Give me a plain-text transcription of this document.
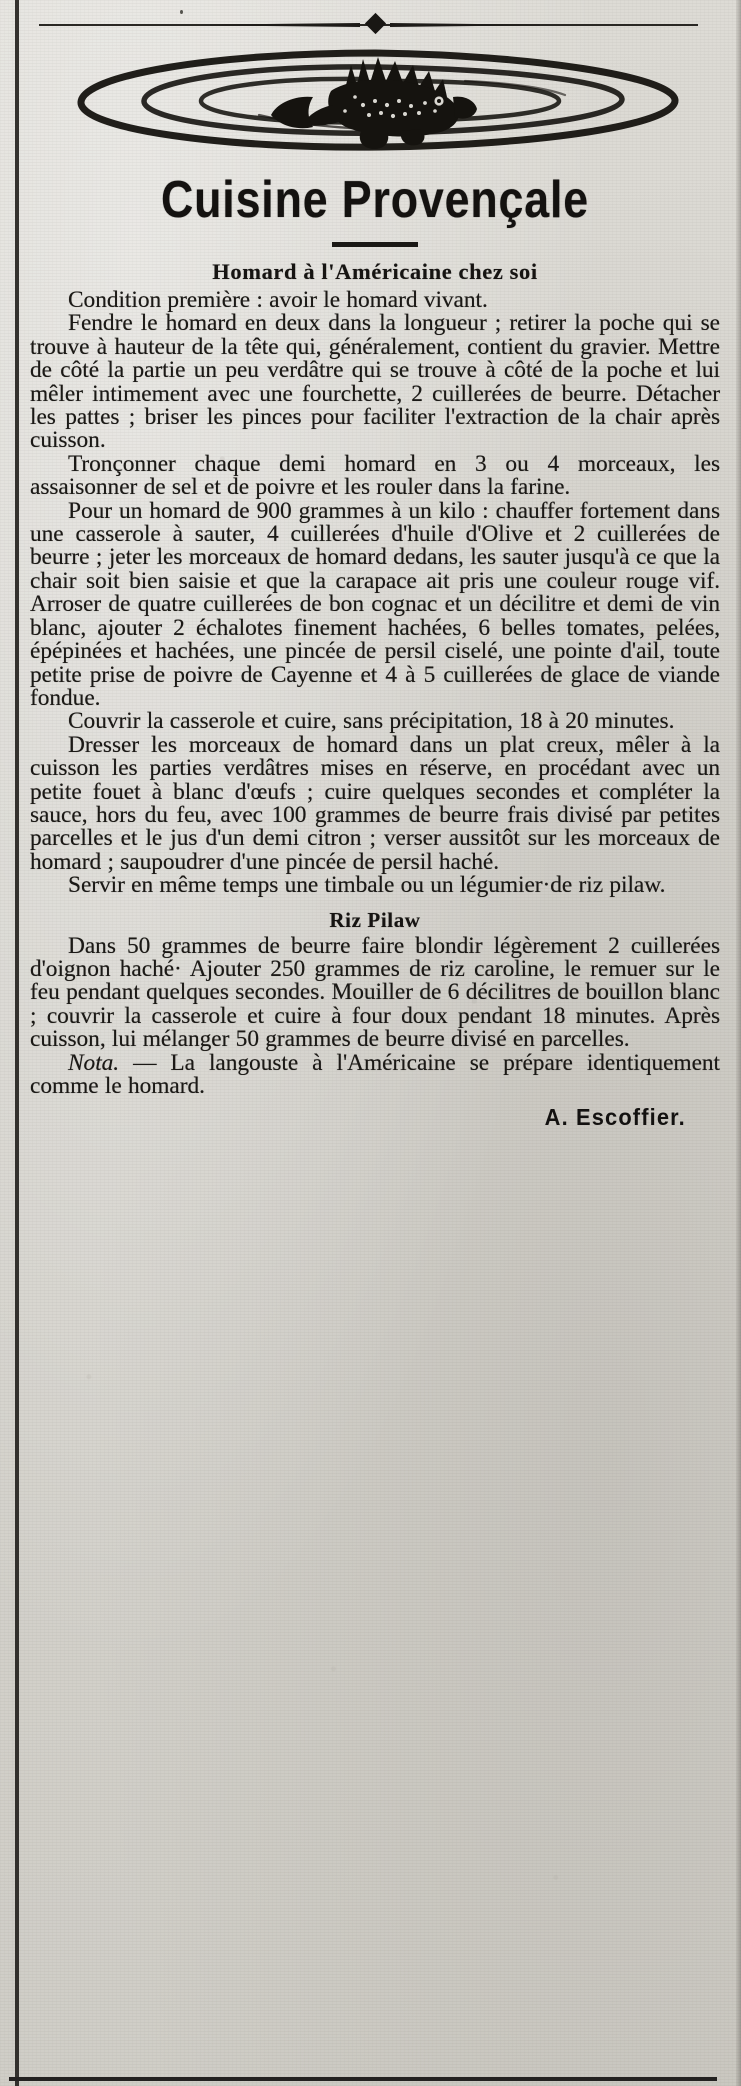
Cuisine Provençale
Homard à l'Américaine chez soi

Condition première : avoir le homard vivant.

Fendre le homard en deux dans la longueur ; retirer la poche qui se trouve à hauteur de la tête qui, généralement, contient du gravier. Mettre de côté la partie un peu verdâtre qui se trouve à côté de la poche et lui mêler intimement avec une fourchette, 2 cuillerées de beurre. Détacher les pattes ; briser les pinces pour faciliter l'extraction de la chair après cuisson.

Tronçonner chaque demi homard en 3 ou 4 morceaux, les assaisonner de sel et de poivre et les rouler dans la farine.

Pour un homard de 900 grammes à un kilo : chauffer fortement dans une casserole à sauter, 4 cuillerées d'huile d'Olive et 2 cuillerées de beurre ; jeter les morceaux de homard dedans, les sauter jusqu'à ce que la chair soit bien saisie et que la carapace ait pris une couleur rouge vif. Arroser de quatre cuillerées de bon cognac et un décilitre et demi de vin blanc, ajouter 2 échalotes finement hachées, 6 belles tomates, pelées, épépinées et hachées, une pincée de persil ciselé, une pointe d'ail, toute petite prise de poivre de Cayenne et 4 à 5 cuillerées de glace de viande fondue.

Couvrir la casserole et cuire, sans précipitation, 18 à 20 minutes.

Dresser les morceaux de homard dans un plat creux, mêler à la cuisson les parties verdâtres mises en réserve, en procédant avec un petite fouet à blanc d'œufs ; cuire quelques secondes et compléter la sauce, hors du feu, avec 100 grammes de beurre frais divisé par petites parcelles et le jus d'un demi citron ; verser aussitôt sur les morceaux de homard ; saupoudrer d'une pincée de persil haché.

Servir en même temps une timbale ou un légumier·de riz pilaw.

Riz Pilaw

Dans 50 grammes de beurre faire blondir légèrement 2 cuillerées d'oignon haché· Ajouter 250 grammes de riz caroline, le remuer sur le feu pendant quelques secondes. Mouiller de 6 décilitres de bouillon blanc ; couvrir la casserole et cuire à four doux pendant 18 minutes. Après cuisson, lui mélanger 50 grammes de beurre divisé en parcelles.

Nota. — La langouste à l'Américaine se prépare identiquement comme le homard.

A. Escoffier.
